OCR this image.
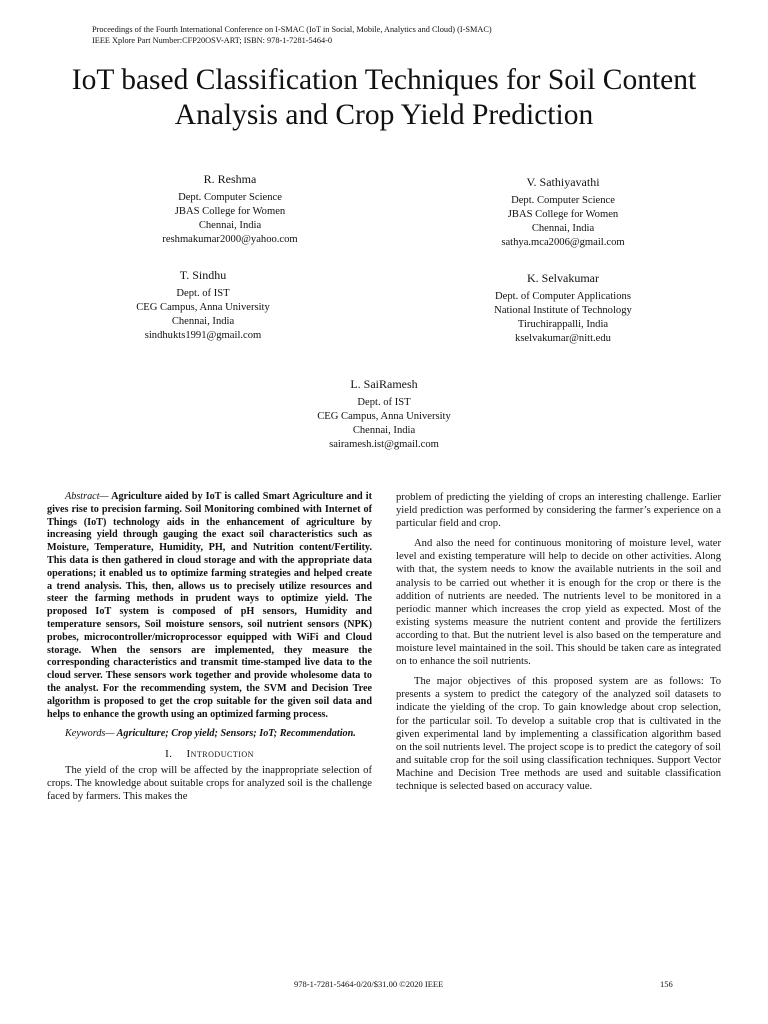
Proceedings of the Fourth International Conference on I-SMAC (IoT in Social, Mobile, Analytics and Cloud) (I-SMAC)
IEEE Xplore Part Number:CFP20OSV-ART; ISBN: 978-1-7281-5464-0
IoT based Classification Techniques for Soil Content
Analysis and Crop Yield Prediction
R. Reshma
Dept. Computer Science
JBAS College for Women
Chennai, India
reshmakumar2000@yahoo.com
V. Sathiyavathi
Dept. Computer Science
JBAS College for Women
Chennai, India
sathya.mca2006@gmail.com
T. Sindhu
Dept. of IST
CEG Campus, Anna University
Chennai, India
sindhukts1991@gmail.com
K. Selvakumar
Dept. of Computer Applications
National Institute of Technology
Tiruchirappalli, India
kselvakumar@nitt.edu
L. SaiRamesh
Dept. of IST
CEG Campus, Anna University
Chennai, India
sairamesh.ist@gmail.com

Abstract— Agriculture aided by IoT is called Smart Agriculture and it gives rise to precision farming. Soil Monitoring combined with Internet of Things (IoT) technology aids in the enhancement of agriculture by increasing yield through gauging the exact soil characteristics such as Moisture, Temperature, Humidity, PH, and Nutrition content/Fertility. This data is then gathered in cloud storage and with the appropriate data operations; it enabled us to optimize farming strategies and helped create a trend analysis. This, then, allows us to precisely utilize resources and steer the farming methods in prudent ways to optimize yield. The proposed IoT system is composed of pH sensors, Humidity and temperature sensors, Soil moisture sensors, soil nutrient sensors (NPK) probes, microcontroller/microprocessor equipped with WiFi and Cloud storage. When the sensors are implemented, they measure the corresponding characteristics and transmit time-stamped live data to the cloud server. These sensors work together and provide wholesome data to the analyst. For the recommending system, the SVM and Decision Tree algorithm is proposed to get the crop suitable for the given soil data and helps to enhance the growth using an optimized farming process.

Keywords— Agriculture; Crop yield; Sensors; IoT; Recommendation.

I. Introduction

The yield of the crop will be affected by the inappropriate selection of crops. The knowledge about suitable crops for analyzed soil is the challenge faced by farmers. This makes the

problem of predicting the yielding of crops an interesting challenge. Earlier yield prediction was performed by considering the farmer’s experience on a particular field and crop.

And also the need for continuous monitoring of moisture level, water level and existing temperature will help to decide on other activities. Along with that, the system needs to know the available nutrients in the soil and analysis to be carried out whether it is enough for the crop or there is the addition of nutrients are needed. The nutrients level to be monitored in a periodic manner which increases the crop yield as expected. Most of the existing systems measure the nutrient content and provide the fertilizers according to that. But the nutrient level is also based on the temperature and moisture level maintained in the soil. This should be taken care as integrated on to enhance the soil nutrients.

The major objectives of this proposed system are as follows: To presents a system to predict the category of the analyzed soil datasets to indicate the yielding of the crop. To gain knowledge about crop selection, for the particular soil. To develop a suitable crop that is cultivated in the given experimental land by implementing a classification algorithm based on the soil nutrients level. The project scope is to predict the category of soil and suitable crop for the soil using classification techniques. Support Vector Machine and Decision Tree methods are used and suitable classification technique is selected based on accuracy value.

978-1-7281-5464-0/20/$31.00 ©2020 IEEE	156
